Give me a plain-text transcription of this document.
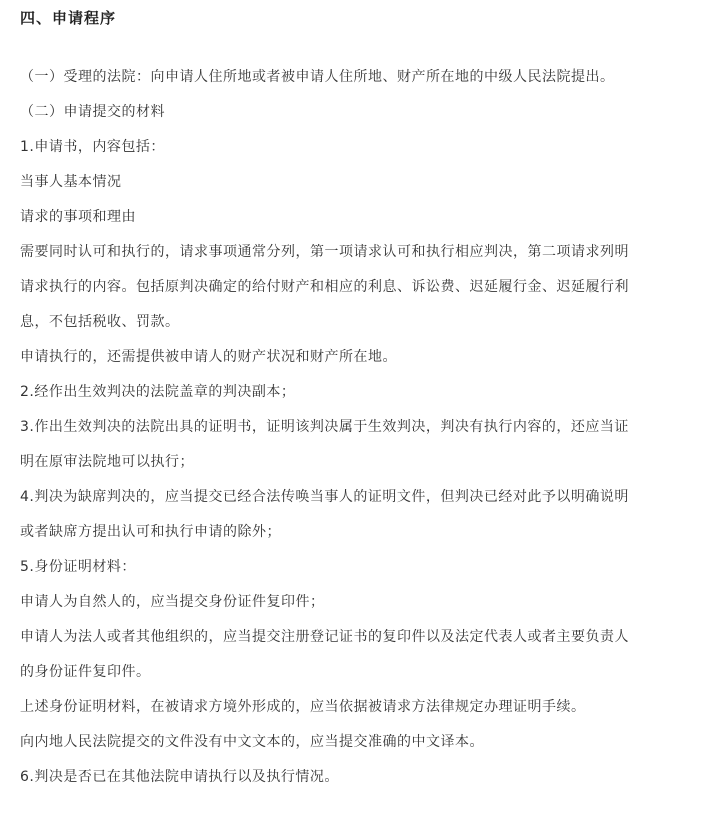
四、申请程序
（一）受理的法院：向申请人住所地或者被申请人住所地、财产所在地的中级人民法院提出。
（二）申请提交的材料
1.申请书，内容包括：
当事人基本情况
请求的事项和理由
需要同时认可和执行的，请求事项通常分列，第一项请求认可和执行相应判决，第二项请求列明
请求执行的内容。包括原判决确定的给付财产和相应的利息、诉讼费、迟延履行金、迟延履行利
息，不包括税收、罚款。
申请执行的，还需提供被申请人的财产状况和财产所在地。
2.经作出生效判决的法院盖章的判决副本；
3.作出生效判决的法院出具的证明书，证明该判决属于生效判决，判决有执行内容的，还应当证
明在原审法院地可以执行；
4.判决为缺席判决的，应当提交已经合法传唤当事人的证明文件，但判决已经对此予以明确说明
或者缺席方提出认可和执行申请的除外；
5.身份证明材料：
申请人为自然人的，应当提交身份证件复印件；
申请人为法人或者其他组织的，应当提交注册登记证书的复印件以及法定代表人或者主要负责人
的身份证件复印件。
上述身份证明材料，在被请求方境外形成的，应当依据被请求方法律规定办理证明手续。
向内地人民法院提交的文件没有中文文本的，应当提交准确的中文译本。
6.判决是否已在其他法院申请执行以及执行情况。
